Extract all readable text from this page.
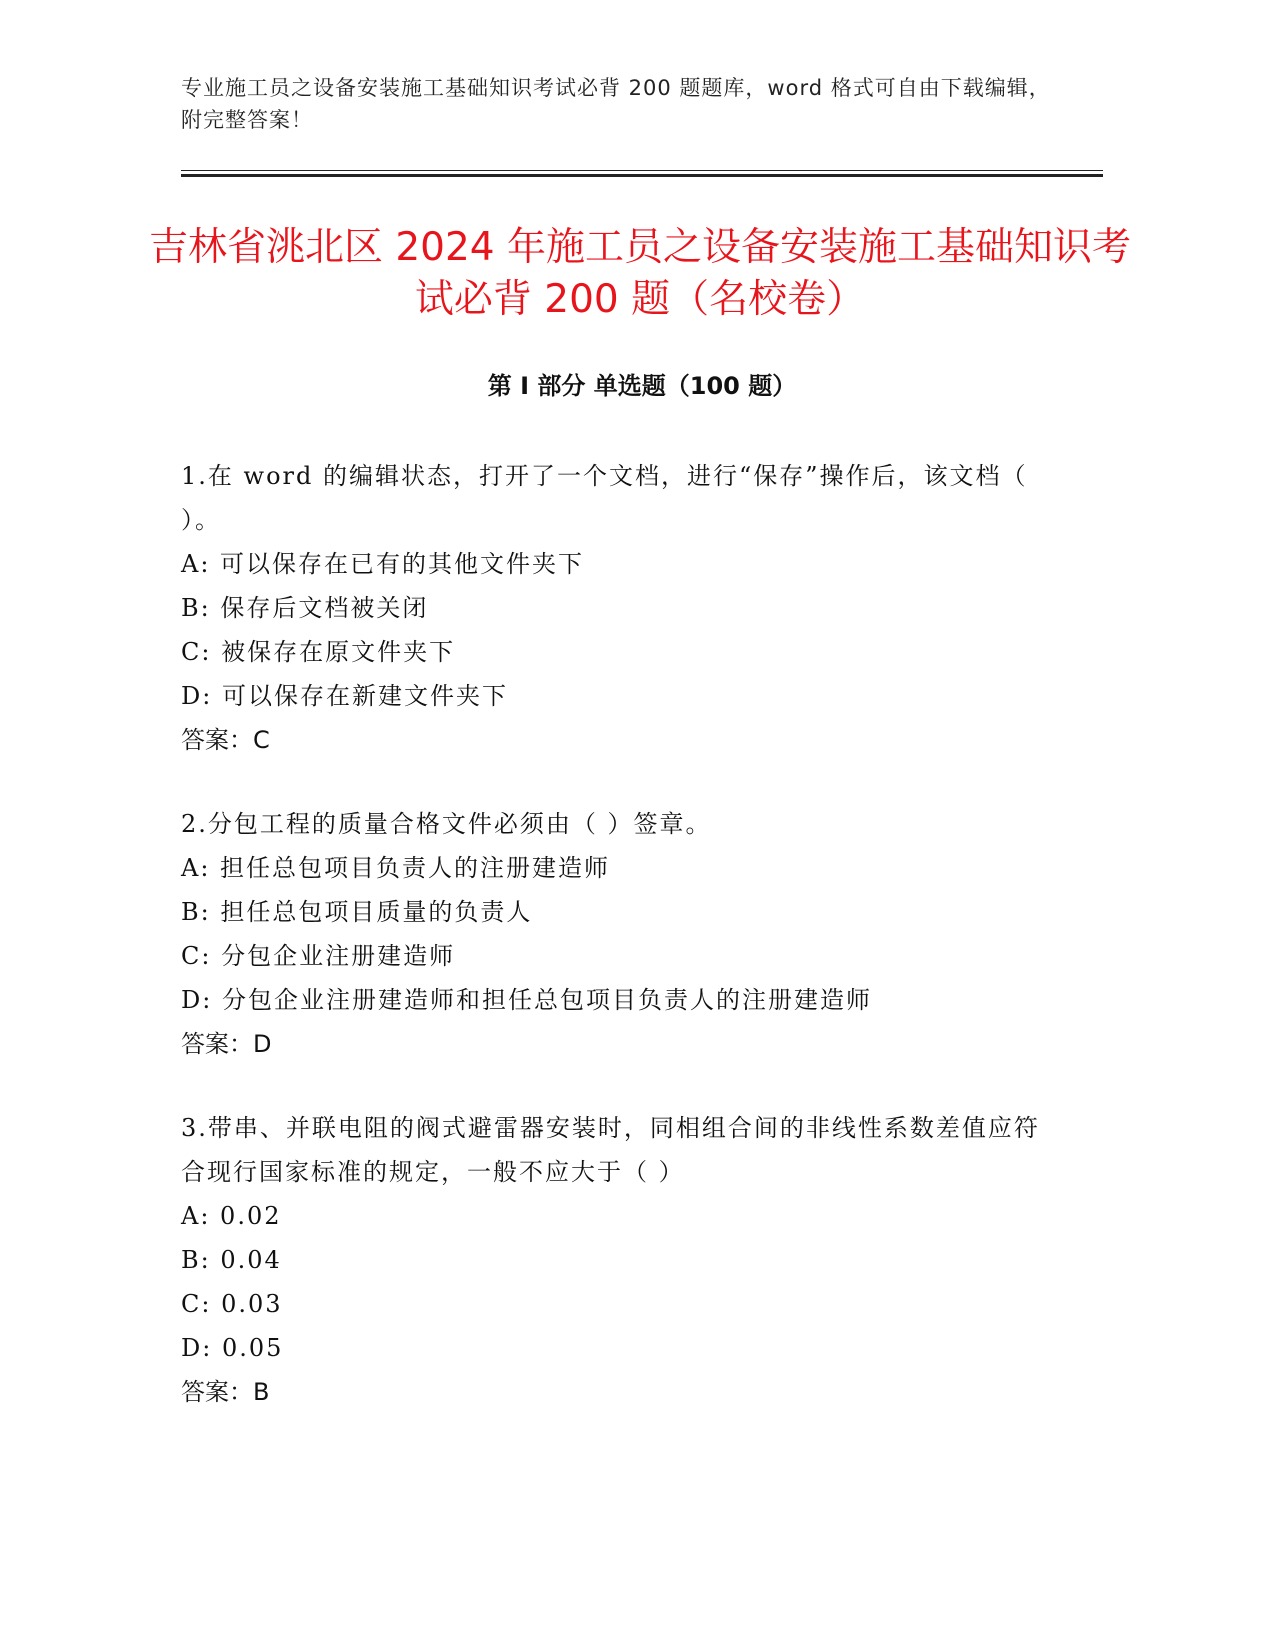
专业施工员之设备安装施工基础知识考试必背 200 题题库，word 格式可自由下载编辑，附完整答案！
吉林省洮北区 2024 年施工员之设备安装施工基础知识考试必背 200 题（名校卷）
第 I 部分 单选题（100 题）

1.在 word 的编辑状态，打开了一个文档，进行“保存”操作后，该文档（ ）。

A: 可以保存在已有的其他文件夹下

B: 保存后文档被关闭

C: 被保存在原文件夹下

D: 可以保存在新建文件夹下

答案：C

2.分包工程的质量合格文件必须由（ ）签章。

A: 担任总包项目负责人的注册建造师

B: 担任总包项目质量的负责人

C: 分包企业注册建造师

D: 分包企业注册建造师和担任总包项目负责人的注册建造师

答案：D

3.带串、并联电阻的阀式避雷器安装时，同相组合间的非线性系数差值应符合现行国家标准的规定，一般不应大于（ ）

A: 0.02

B: 0.04

C: 0.03

D: 0.05

答案：B
